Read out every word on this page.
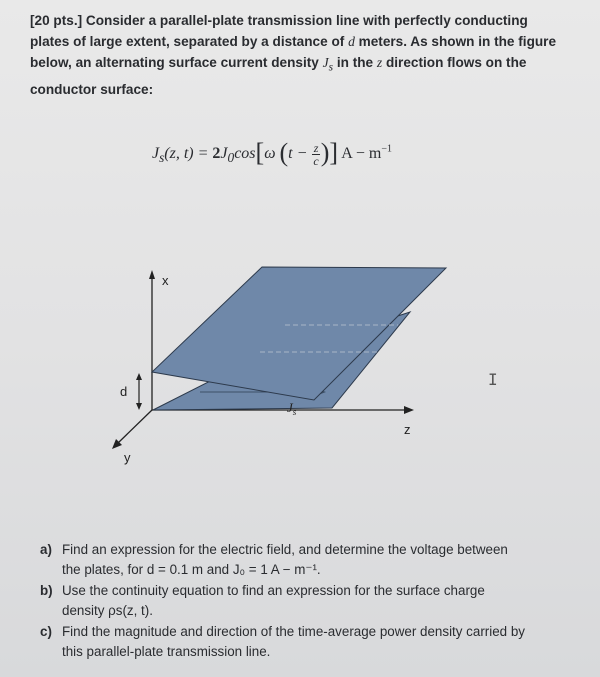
[20 pts.] Consider a parallel-plate transmission line with perfectly conducting
plates of large extent, separated by a distance of d meters. As shown in the figure
below, an alternating surface current density $J_s$ in the z direction flows on the
conductor surface:
$J_s(z$, $t) = 2J_0\cos[\omega$ ($t - \frac{z}{c}$ )] $A - m^{-1}$
x
z
y
$J_s$
d
I
a) Find an expression for the electric field, and determine the voltage between the plates, for d = 0.1 m and J₀ = 1 A − m⁻¹.
b) Use the continuity equation to find an expression for the surface charge density ρs(z, t).
c) Find the magnitude and direction of the time-average power density carried by this parallel-plate transmission line.
